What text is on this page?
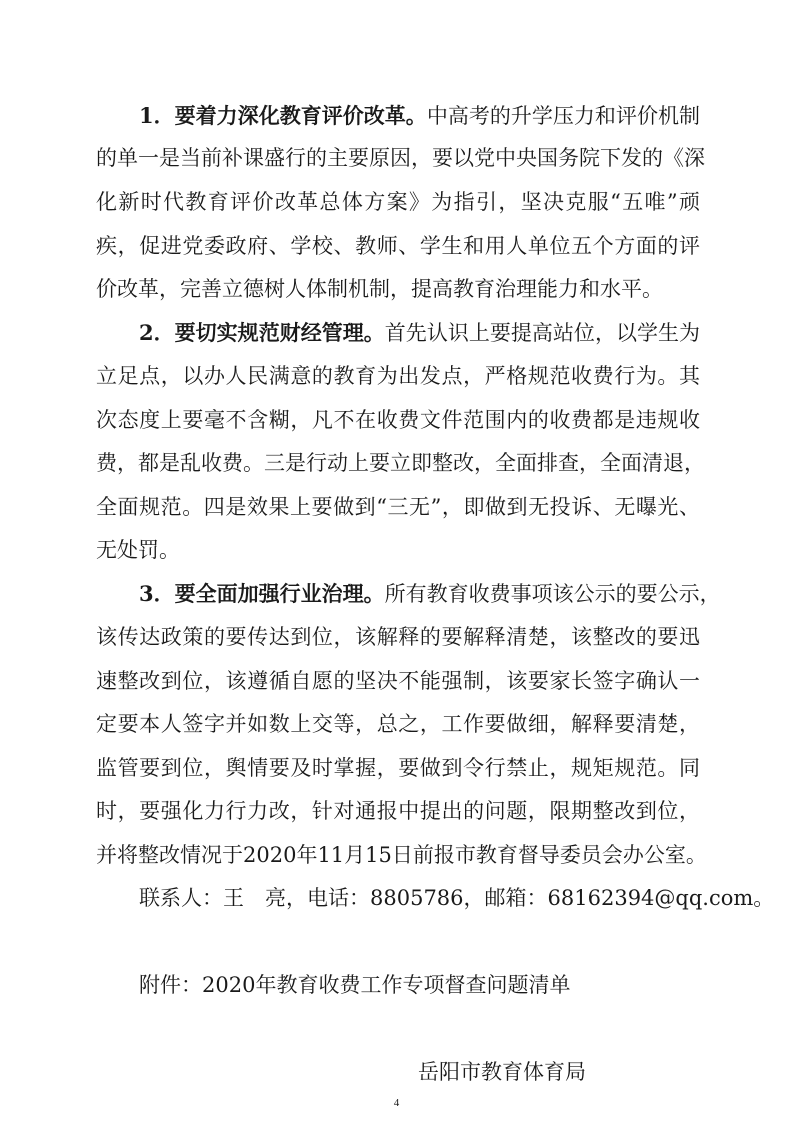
1．要着力深化教育评价改革。中高考的升学压力和评价机制
的单一是当前补课盛行的主要原因，要以党中央国务院下发的《深
化新时代教育评价改革总体方案》为指引，坚决克服“五唯”顽
疾，促进党委政府、学校、教师、学生和用人单位五个方面的评
价改革，完善立德树人体制机制，提高教育治理能力和水平。
2．要切实规范财经管理。首先认识上要提高站位，以学生为
立足点，以办人民满意的教育为出发点，严格规范收费行为。其
次态度上要毫不含糊，凡不在收费文件范围内的收费都是违规收
费，都是乱收费。三是行动上要立即整改，全面排查，全面清退，
全面规范。四是效果上要做到“三无”，即做到无投诉、无曝光、
无处罚。
3．要全面加强行业治理。所有教育收费事项该公示的要公示，
该传达政策的要传达到位，该解释的要解释清楚，该整改的要迅
速整改到位，该遵循自愿的坚决不能强制，该要家长签字确认一
定要本人签字并如数上交等，总之，工作要做细，解释要清楚，
监管要到位，舆情要及时掌握，要做到令行禁止，规矩规范。同
时，要强化力行力改，针对通报中提出的问题，限期整改到位，
并将整改情况于2020年11月15日前报市教育督导委员会办公室。
联系人：王　亮，电话：8805786，邮箱：68162394@qq.com。
附件：2020年教育收费工作专项督查问题清单
岳阳市教育体育局
4
